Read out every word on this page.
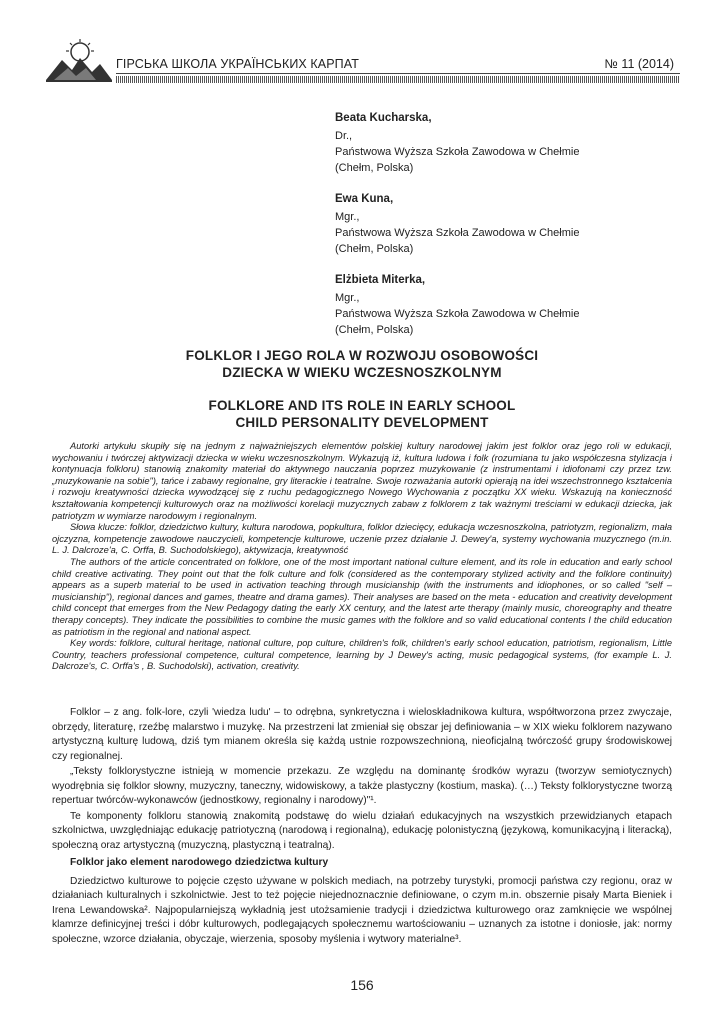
ГІРСЬКА ШКОЛА УКРАЇНСЬКИХ КАРПАТ	№ 11 (2014)
Beata Kucharska,
Dr.,
Państwowa Wyższa Szkoła Zawodowa w Chełmie
(Chełm, Polska)
Ewa Kuna,
Mgr.,
Państwowa Wyższa Szkoła Zawodowa w Chełmie
(Chełm, Polska)
Elżbieta Miterka,
Mgr.,
Państwowa Wyższa Szkoła Zawodowa w Chełmie
(Chełm, Polska)
FOLKLOR I JEGO ROLA W ROZWOJU OSOBOWOŚCI
DZIECKA W WIEKU WCZESNOSZKOLNYM
FOLKLORE AND ITS ROLE IN EARLY SCHOOL
CHILD PERSONALITY DEVELOPMENT

Autorki artykułu skupiły się na jednym z najważniejszych elementów polskiej kultury narodowej jakim jest folklor oraz jego roli w edukacji, wychowaniu i twórczej aktywizacji dziecka w wieku wczesnoszkolnym. Wykazują iż, kultura ludowa i folk (rozumiana tu jako współczesna stylizacja i kontynuacja folkloru) stanowią znakomity materiał do aktywnego nauczania poprzez muzykowanie (z instrumentami i idiofonami czy przez tzw. „muzykowanie na sobie"), tańce i zabawy regionalne, gry literackie i teatralne. Swoje rozważania autorki opierają na idei wszechstronnego kształcenia i rozwoju kreatywności dziecka wywodzącej się z ruchu pedagogicznego Nowego Wychowania z początku XX wieku. Wskazują na konieczność kształtowania kompetencji kulturowych oraz na możliwości korelacji muzycznych zabaw z folklorem z tak ważnymi treściami w edukacji dziecka, jak patriotyzm w wymiarze narodowym i regionalnym.

Słowa klucze: folklor, dziedzictwo kultury, kultura narodowa, popkultura, folklor dziecięcy, edukacja wczesnoszkolna, patriotyzm, regionalizm, mała ojczyzna, kompetencje zawodowe nauczycieli, kompetencje kulturowe, uczenie przez działanie J. Dewey'a, systemy wychowania muzycznego (m.in. L. J. Dalcroze'a, C. Orffa, B. Suchodolskiego), aktywizacja, kreatywność

The authors of the article concentrated on folklore, one of the most important national culture element, and its role in education and early school child creative activating. They point out that the folk culture and folk (considered as the contemporary stylized activity and the folklore continuity) appears as a superb material to be used in activation teaching through musicianship (with the instruments and idiophones, or so called "self – musicianship"), regional dances and games, theatre and drama games). Their analyses are based on the meta - education and creativity development child concept that emerges from the New Pedagogy dating the early XX century, and the latest arte therapy (mainly music, choreography and theatre therapy concepts). They indicate the possibilities to combine the music games with the folklore and so valid educational contents I the child education as patriotism in the regional and national aspect.

Key words: folklore, cultural heritage, national culture, pop culture, children's folk, children's early school education, patriotism, regionalism, Little Country, teachers professional competence, cultural competence, learning by J Dewey's acting, music pedagogical systems, (for example L. J. Dalcroze's, C. Orffa's , B. Suchodolski), activation, creativity.

Folklor – z ang. folk-lore, czyli 'wiedza ludu' – to odrębna, synkretyczna i wieloskładnikowa kultura, współtworzona przez zwyczaje, obrzędy, literaturę, rzeźbę malarstwo i muzykę. Na przestrzeni lat zmieniał się obszar jej definiowania – w XIX wieku folklorem nazywano artystyczną kulturę ludową, dziś tym mianem określa się każdą ustnie rozpowszechnioną, nieoficjalną twórczość grupy środowiskowej czy regionalnej.

„Teksty folklorystyczne istnieją w momencie przekazu. Ze względu na dominantę środków wyrazu (tworzyw semiotycznych) wyodrębnia się folklor słowny, muzyczny, taneczny, widowiskowy, a także plastyczny (kostium, maska). (…) Teksty folklorystyczne tworzą repertuar twórców-wykonawców (jednostkowy, regionalny i narodowy)"¹.

Te komponenty folkloru stanowią znakomitą podstawę do wielu działań edukacyjnych na wszystkich przewidzianych etapach szkolnictwa, uwzględniając edukację patriotyczną (narodową i regionalną), edukację polonistyczną (językową, komunikacyjną i literacką), społeczną oraz artystyczną (muzyczną, plastyczną i teatralną).

Folklor jako element narodowego dziedzictwa kultury

Dziedzictwo kulturowe to pojęcie często używane w polskich mediach, na potrzeby turystyki, promocji państwa czy regionu, oraz w działaniach kulturalnych i szkolnictwie. Jest to też pojęcie niejednoznacznie definiowane, o czym m.in. obszernie pisały Marta Bieniek i Irena Lewandowska². Najpopularniejszą wykładnią jest utożsamienie tradycji i dziedzictwa kulturowego oraz zamknięcie we wspólnej klamrze definicyjnej treści i dóbr kulturowych, podlegających społecznemu wartościowaniu – uznanych za istotne i doniosłe, jak: normy społeczne, wzorce działania, obyczaje, wierzenia, sposoby myślenia i wytwory materialne³.

156
